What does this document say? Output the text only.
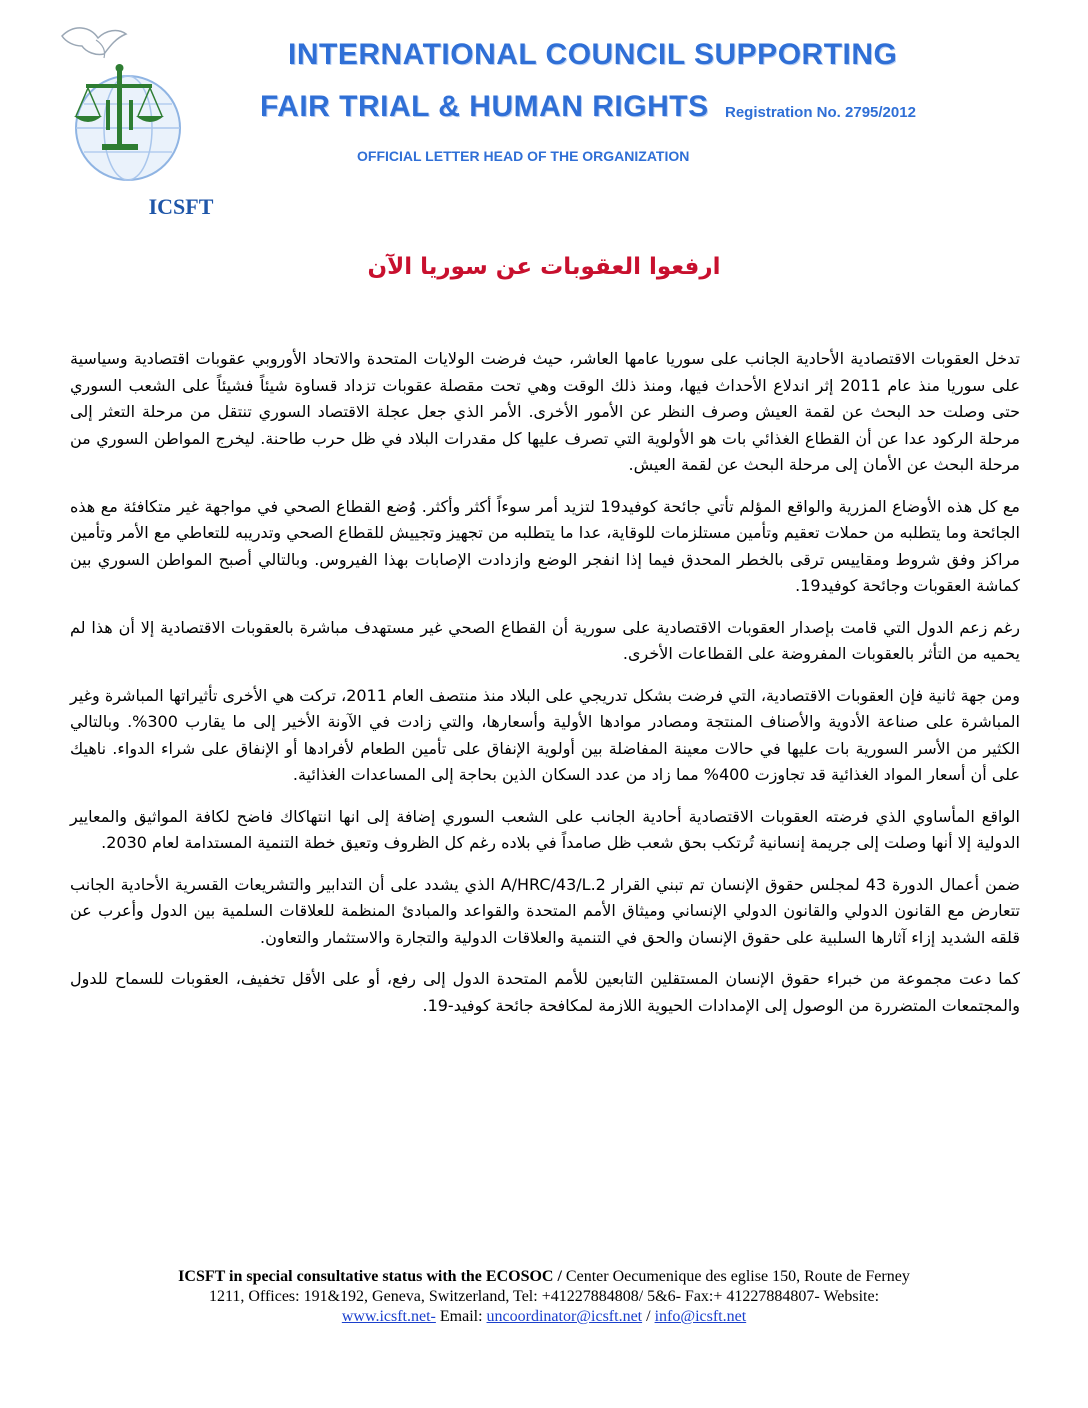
ICSFT
INTERNATIONAL COUNCIL SUPPORTING
FAIR TRIAL & HUMAN RIGHTS Registration No. 2795/2012
OFFICIAL LETTER HEAD OF THE ORGANIZATION
ارفعوا العقوبات عن سوريا الآن

تدخل العقوبات الاقتصادية الأحادية الجانب على سوريا عامها العاشر، حيث فرضت الولايات المتحدة والاتحاد الأوروبي عقوبات اقتصادية وسياسية على سوريا منذ عام 2011 إثر اندلاع الأحداث فيها، ومنذ ذلك الوقت وهي تحت مقصلة عقوبات تزداد قساوة شيئاً فشيئاً على الشعب السوري حتى وصلت حد البحث عن لقمة العيش وصرف النظر عن الأمور الأخرى. الأمر الذي جعل عجلة الاقتصاد السوري تنتقل من مرحلة التعثر إلى مرحلة الركود عدا عن أن القطاع الغذائي بات هو الأولوية التي تصرف عليها كل مقدرات البلاد في ظل حرب طاحنة. ليخرج المواطن السوري من مرحلة البحث عن الأمان إلى مرحلة البحث عن لقمة العيش.

مع كل هذه الأوضاع المزرية والواقع المؤلم تأتي جائحة كوفيد19 لتزيد أمر سوءاً أكثر وأكثر. وُضع القطاع الصحي في مواجهة غير متكافئة مع هذه الجائحة وما يتطلبه من حملات تعقيم وتأمين مستلزمات للوقاية، عدا ما يتطلبه من تجهيز وتجييش للقطاع الصحي وتدريبه للتعاطي مع الأمر وتأمين مراكز وفق شروط ومقاييس ترقى بالخطر المحدق فيما إذا انفجر الوضع وازدادت الإصابات بهذا الفيروس. وبالتالي أصبح المواطن السوري بين كماشة العقوبات وجائحة كوفيد19.

رغم زعم الدول التي قامت بإصدار العقوبات الاقتصادية على سورية أن القطاع الصحي غير مستهدف مباشرة بالعقوبات الاقتصادية إلا أن هذا لم يحميه من التأثر بالعقوبات المفروضة على القطاعات الأخرى.

ومن جهة ثانية فإن العقوبات الاقتصادية، التي فرضت بشكل تدريجي على البلاد منذ منتصف العام 2011، تركت هي الأخرى تأثيراتها المباشرة وغير المباشرة على صناعة الأدوية والأصناف المنتجة ومصادر موادها الأولية وأسعارها، والتي زادت في الآونة الأخير إلى ما يقارب 300%. وبالتالي الكثير من الأسر السورية بات عليها في حالات معينة المفاضلة بين أولوية الإنفاق على تأمين الطعام لأفرادها أو الإنفاق على شراء الدواء. ناهيك على أن أسعار المواد الغذائية قد تجاوزت 400% مما زاد من عدد السكان الذين بحاجة إلى المساعدات الغذائية.

الواقع المأساوي الذي فرضته العقوبات الاقتصادية أحادية الجانب على الشعب السوري إضافة إلى انها انتهاكاك فاضح لكافة المواثيق والمعايير الدولية إلا أنها وصلت إلى جريمة إنسانية تُرتكب بحق شعب ظل صامداً في بلاده رغم كل الظروف وتعيق خطة التنمية المستدامة لعام 2030.

ضمن أعمال الدورة 43 لمجلس حقوق الإنسان تم تبني القرار A/HRC/43/L.2 الذي يشدد على أن التدابير والتشريعات القسرية الأحادية الجانب تتعارض مع القانون الدولي والقانون الدولي الإنساني وميثاق الأمم المتحدة والقواعد والمبادئ المنظمة للعلاقات السلمية بين الدول وأعرب عن قلقه الشديد إزاء آثارها السلبية على حقوق الإنسان والحق في التنمية والعلاقات الدولية والتجارة والاستثمار والتعاون.

كما دعت مجموعة من خبراء حقوق الإنسان المستقلين التابعين للأمم المتحدة الدول إلى رفع، أو على الأقل تخفيف، العقوبات للسماح للدول والمجتمعات المتضررة من الوصول إلى الإمدادات الحيوية اللازمة لمكافحة جائحة كوفيد-19.

ICSFT in special consultative status with the ECOSOC / Center Oecumenique des eglise 150, Route de Ferney
1211, Offices: 191&192, Geneva, Switzerland, Tel: +41227884808/ 5&6- Fax:+ 41227884807- Website:
www.icsft.net- Email: uncoordinator@icsft.net / info@icsft.net
